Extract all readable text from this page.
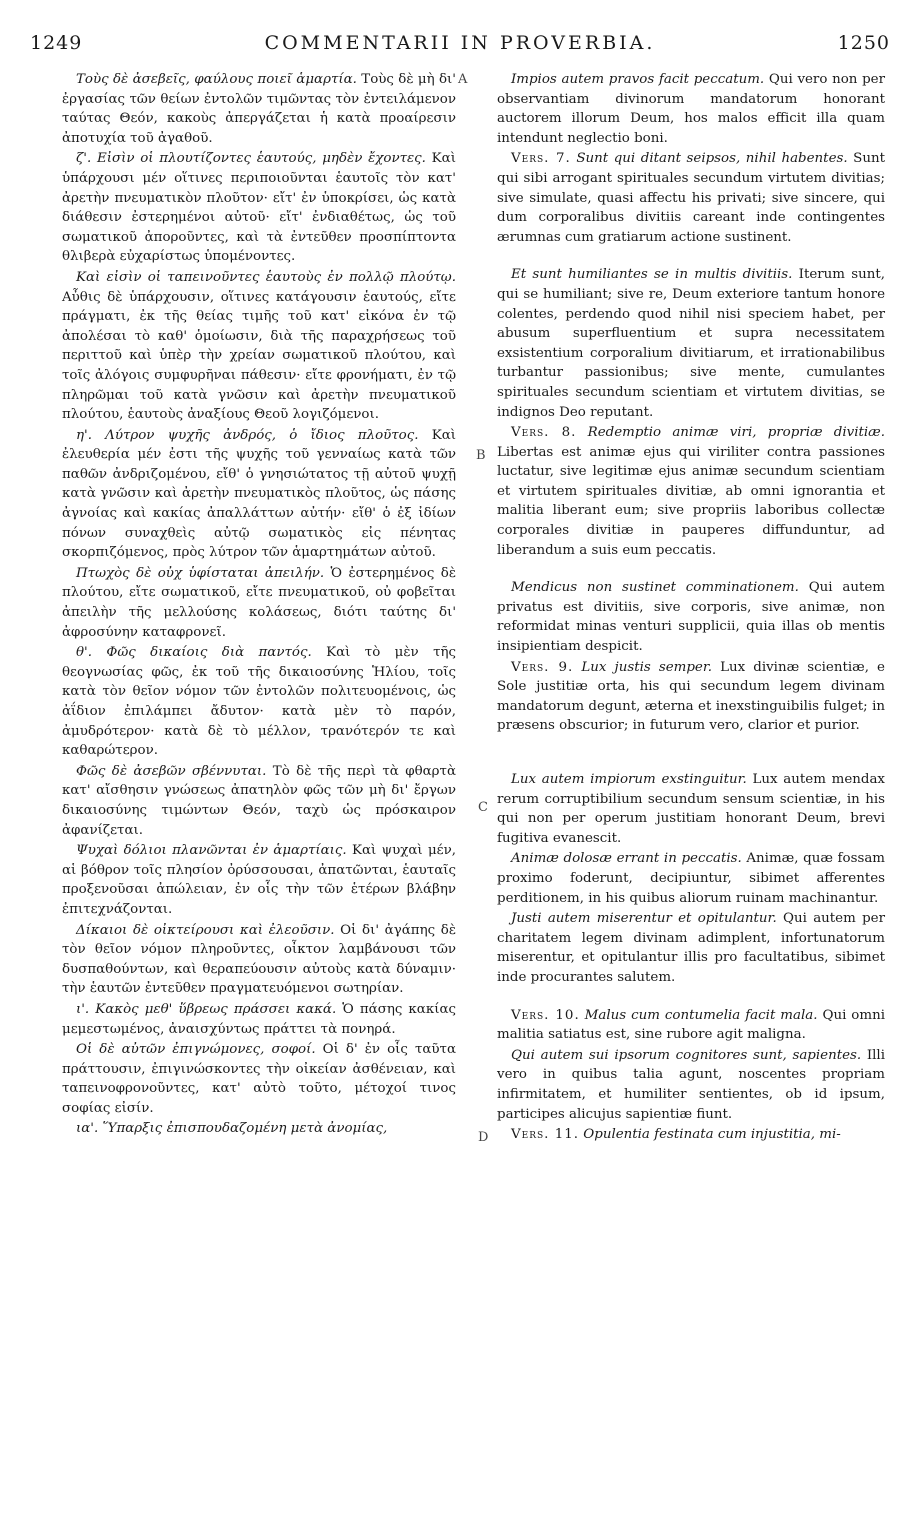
1249	COMMENTARII IN PROVERBIA.	1250
A
B
C
D

Τοὺς δὲ ἀσεβεῖς, φαύλους ποιεῖ ἁμαρτία. Τοὺς δὲ μὴ δι' ἐργασίας τῶν θείων ἐντολῶν τιμῶντας τὸν ἐντειλάμενον ταύτας Θεόν, κακοὺς ἀπεργάζεται ἡ κατὰ προαίρεσιν ἀποτυχία τοῦ ἀγαθοῦ.

ζ'. Εἰσὶν οἱ πλουτίζοντες ἑαυτούς, μηδὲν ἔχοντες. Καὶ ὑπάρχουσι μέν οἵτινες περιποιοῦνται ἑαυτοῖς τὸν κατ' ἀρετὴν πνευματικὸν πλοῦτον· εἴτ' ἐν ὑποκρίσει, ὡς κατὰ διάθεσιν ἐστερημένοι αὐτοῦ· εἴτ' ἐνδιαθέτως, ὡς τοῦ σωματικοῦ ἀποροῦντες, καὶ τὰ ἐντεῦθεν προσπίπτοντα θλιβερὰ εὐχαρίστως ὑπομένοντες.

Καὶ εἰσὶν οἱ ταπεινοῦντες ἑαυτοὺς ἐν πολλῷ πλούτῳ. Αὖθις δὲ ὑπάρχουσιν, οἵτινες κατάγουσιν ἑαυτούς, εἴτε πράγματι, ἐκ τῆς θείας τιμῆς τοῦ κατ' εἰκόνα ἐν τῷ ἀπολέσαι τὸ καθ' ὁμοίωσιν, διὰ τῆς παραχρήσεως τοῦ περιττοῦ καὶ ὑπὲρ τὴν χρείαν σωματικοῦ πλούτου, καὶ τοῖς ἀλόγοις συμφυρῆναι πάθεσιν· εἴτε φρονήματι, ἐν τῷ πληρῶμαι τοῦ κατὰ γνῶσιν καὶ ἀρετὴν πνευματικοῦ πλούτου, ἑαυτοὺς ἀναξίους Θεοῦ λογιζόμενοι.

η'. Λύτρον ψυχῆς ἀνδρός, ὁ ἴδιος πλοῦτος. Καὶ ἐλευθερία μέν ἐστι τῆς ψυχῆς τοῦ γενναίως κατὰ τῶν παθῶν ἀνδριζομένου, εἴθ' ὁ γνησιώτατος τῇ αὐτοῦ ψυχῇ κατὰ γνῶσιν καὶ ἀρετὴν πνευματικὸς πλοῦτος, ὡς πάσης ἀγνοίας καὶ κακίας ἀπαλλάττων αὐτήν· εἴθ' ὁ ἐξ ἰδίων πόνων συναχθεὶς αὐτῷ σωματικὸς εἰς πένητας σκορπιζόμενος, πρὸς λύτρον τῶν ἁμαρτημάτων αὐτοῦ.

Πτωχὸς δὲ οὐχ ὑφίσταται ἀπειλήν. Ὁ ἐστερημένος δὲ πλούτου, εἴτε σωματικοῦ, εἴτε πνευματικοῦ, οὐ φοβεῖται ἀπειλὴν τῆς μελλούσης κολάσεως, διότι ταύτης δι' ἀφροσύνην καταφρονεῖ.

θ'. Φῶς δικαίοις διὰ παντός. Καὶ τὸ μὲν τῆς θεογνωσίας φῶς, ἐκ τοῦ τῆς δικαιοσύνης Ἡλίου, τοῖς κατὰ τὸν θεῖον νόμον τῶν ἐντολῶν πολιτευομένοις, ὡς ἀΐδιον ἐπιλάμπει ἄδυτον· κατὰ μὲν τὸ παρόν, ἀμυδρότερον· κατὰ δὲ τὸ μέλλον, τρανότερόν τε καὶ καθαρώτερον.

Φῶς δὲ ἀσεβῶν σβέννυται. Τὸ δὲ τῆς περὶ τὰ φθαρτὰ κατ' αἴσθησιν γνώσεως ἀπατηλὸν φῶς τῶν μὴ δι' ἔργων δικαιοσύνης τιμώντων Θεόν, ταχὺ ὡς πρόσκαιρον ἀφανίζεται.

Ψυχαὶ δόλιοι πλανῶνται ἐν ἁμαρτίαις. Καὶ ψυχαὶ μέν, αἱ βόθρον τοῖς πλησίον ὀρύσσουσαι, ἀπατῶνται, ἑαυταῖς προξενοῦσαι ἀπώλειαν, ἐν οἷς τὴν τῶν ἑτέρων βλάβην ἐπιτεχνάζονται.

Δίκαιοι δὲ οἰκτείρουσι καὶ ἐλεοῦσιν. Οἱ δι' ἀγάπης δὲ τὸν θεῖον νόμον πληροῦντες, οἶκτον λαμβάνουσι τῶν δυσπαθούντων, καὶ θεραπεύουσιν αὐτοὺς κατὰ δύναμιν· τὴν ἑαυτῶν ἐντεῦθεν πραγματευόμενοι σωτηρίαν.

ι'. Κακὸς μεθ' ὕβρεως πράσσει κακά. Ὁ πάσης κακίας μεμεστωμένος, ἀναισχύντως πράττει τὰ πονηρά.

Οἱ δὲ αὐτῶν ἐπιγνώμονες, σοφοί. Οἱ δ' ἐν οἷς ταῦτα πράττουσιν, ἐπιγινώσκοντες τὴν οἰκείαν ἀσθένειαν, καὶ ταπεινοφρονοῦντες, κατ' αὐτὸ τοῦτο, μέτοχοί τινος σοφίας εἰσίν.

ια'. Ὕπαρξις ἐπισπουδαζομένη μετὰ ἀνομίας,

Impios autem pravos facit peccatum. Qui vero non per observantiam divinorum mandatorum honorant auctorem illorum Deum, hos malos efficit illa quam intendunt neglectio boni.

Vers. 7. Sunt qui ditant seipsos, nihil habentes. Sunt qui sibi arrogant spirituales secundum virtutem divitias; sive simulate, quasi affectu his privati; sive sincere, qui dum corporalibus divitiis careant inde contingentes ærumnas cum gratiarum actione sustinent.

Et sunt humiliantes se in multis divitiis. Iterum sunt, qui se humiliant; sive re, Deum exteriore tantum honore colentes, perdendo quod nihil nisi speciem habet, per abusum superfluentium et supra necessitatem exsistentium corporalium divitiarum, et irrationabilibus turbantur passionibus; sive mente, cumulantes spirituales secundum scientiam et virtutem divitias, se indignos Deo reputant.

Vers. 8. Redemptio animæ viri, propriæ divitiæ. Libertas est animæ ejus qui viriliter contra passiones luctatur, sive legitimæ ejus animæ secundum scientiam et virtutem spirituales divitiæ, ab omni ignorantia et malitia liberant eum; sive propriis laboribus collectæ corporales divitiæ in pauperes diffunduntur, ad liberandum a suis eum peccatis.

Mendicus non sustinet comminationem. Qui autem privatus est divitiis, sive corporis, sive animæ, non reformidat minas venturi supplicii, quia illas ob mentis insipientiam despicit.

Vers. 9. Lux justis semper. Lux divinæ scientiæ, e Sole justitiæ orta, his qui secundum legem divinam mandatorum degunt, æterna et inexstinguibilis fulget; in præsens obscurior; in futurum vero, clarior et purior.

Lux autem impiorum exstinguitur. Lux autem mendax rerum corruptibilium secundum sensum scientiæ, in his qui non per operum justitiam honorant Deum, brevi fugitiva evanescit.

Animæ dolosæ errant in peccatis. Animæ, quæ fossam proximo foderunt, decipiuntur, sibimet afferentes perditionem, in his quibus aliorum ruinam machinantur.

Justi autem miserentur et opitulantur. Qui autem per charitatem legem divinam adimplent, infortunatorum miserentur, et opitulantur illis pro facultatibus, sibimet inde procurantes salutem.

Vers. 10. Malus cum contumelia facit mala. Qui omni malitia satiatus est, sine rubore agit maligna.

Qui autem sui ipsorum cognitores sunt, sapientes. Illi vero in quibus talia agunt, noscentes propriam infirmitatem, et humiliter sentientes, ob id ipsum, participes alicujus sapientiæ fiunt.

Vers. 11. Opulentia festinata cum injustitia, mi-
